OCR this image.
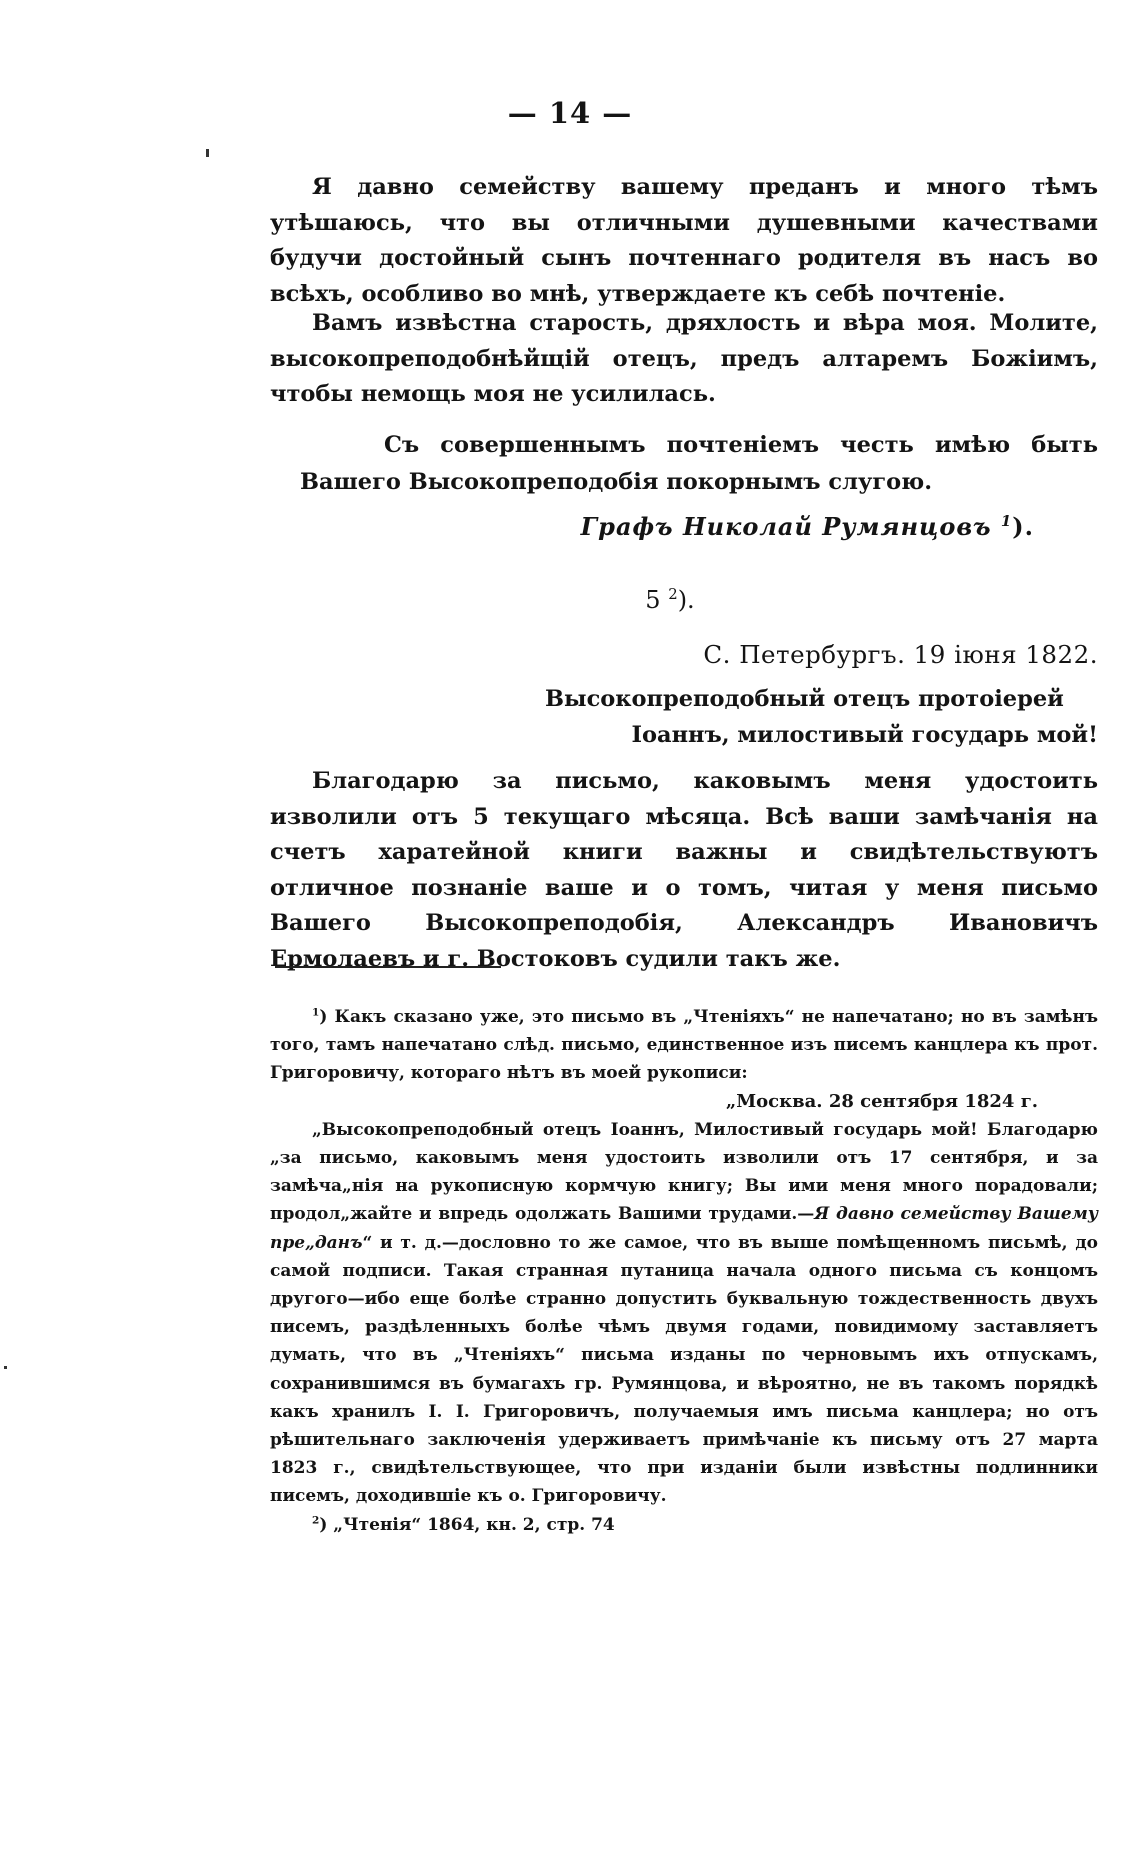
— 14 —

Я давно семейству вашему преданъ и много тѣмъ утѣшаюсь, что вы отличными душевными качествами будучи достойный сынъ почтеннаго родителя въ насъ во всѣхъ, особливо во мнѣ, утверждаете къ себѣ почтеніе.

Вамъ извѣстна старость, дряхлость и вѣра моя. Молите, высокопреподобнѣйщій отецъ, предъ алтаремъ Божіимъ, чтобы немощь моя не усилилась.

Съ совершеннымъ почтеніемъ честь имѣю быть Вашего Высокопреподобія покорнымъ слугою.
Графъ Николай Румянцовъ $^1$).
5 $^2$).
С. Петербургъ. 19 іюня 1822.
Высокопреподобный отецъ протоіерей
Іоаннъ, милостивый государь мой!

Благодарю за письмо, каковымъ меня удостоить изволили отъ 5 текущаго мѣсяца. Всѣ ваши замѣчанія на счетъ харатейной книги важны и свидѣтельствуютъ отличное познаніе ваше и о томъ, читая у меня письмо Вашего Высокопреподобія, Александръ Ивановичъ Ермолаевъ и г. Востоковъ судили такъ же.

$^1$) Какъ сказано уже, это письмо въ „Чтеніяхъ“ не напечатано; но въ замѣнъ того, тамъ напечатано слѣд. письмо, единственное изъ писемъ канцлера къ прот. Григоровичу, котораго нѣтъ въ моей рукописи:

„Москва. 28 сентября 1824 г.

„Высокопреподобный отецъ Іоаннъ, Милостивый государь мой! Благодарю „за письмо, каковымъ меня удостоить изволили отъ 17 сентября, и за замѣча„нія на рукописную кормчую книгу; Вы ими меня много порадовали; продол„жайте и впредь одолжать Вашими трудами.—Я давно семейству Вашему пре„данъ“ и т. д.—дословно то же самое, что въ выше помѣщенномъ письмѣ, до самой подписи. Такая странная путаница начала одного письма съ концомъ другого—ибо еще болѣе странно допустить буквальную тождественность двухъ писемъ, раздѣленныхъ болѣе чѣмъ двумя годами, повидимому заставляетъ думать, что въ „Чтеніяхъ“ письма изданы по черновымъ ихъ отпускамъ, сохранившимся въ бумагахъ гр. Румянцова, и вѣроятно, не въ такомъ порядкѣ какъ хранилъ І. І. Григоровичъ, получаемыя имъ письма канцлера; но отъ рѣшительнаго заключенія удерживаетъ примѣчаніе къ письму отъ 27 марта 1823 г., свидѣтельствующее, что при изданіи были извѣстны подлинники писемъ, доходившіе къ о. Григоровичу.

$^2$) „Чтенія“ 1864, кн. 2, стр. 74
